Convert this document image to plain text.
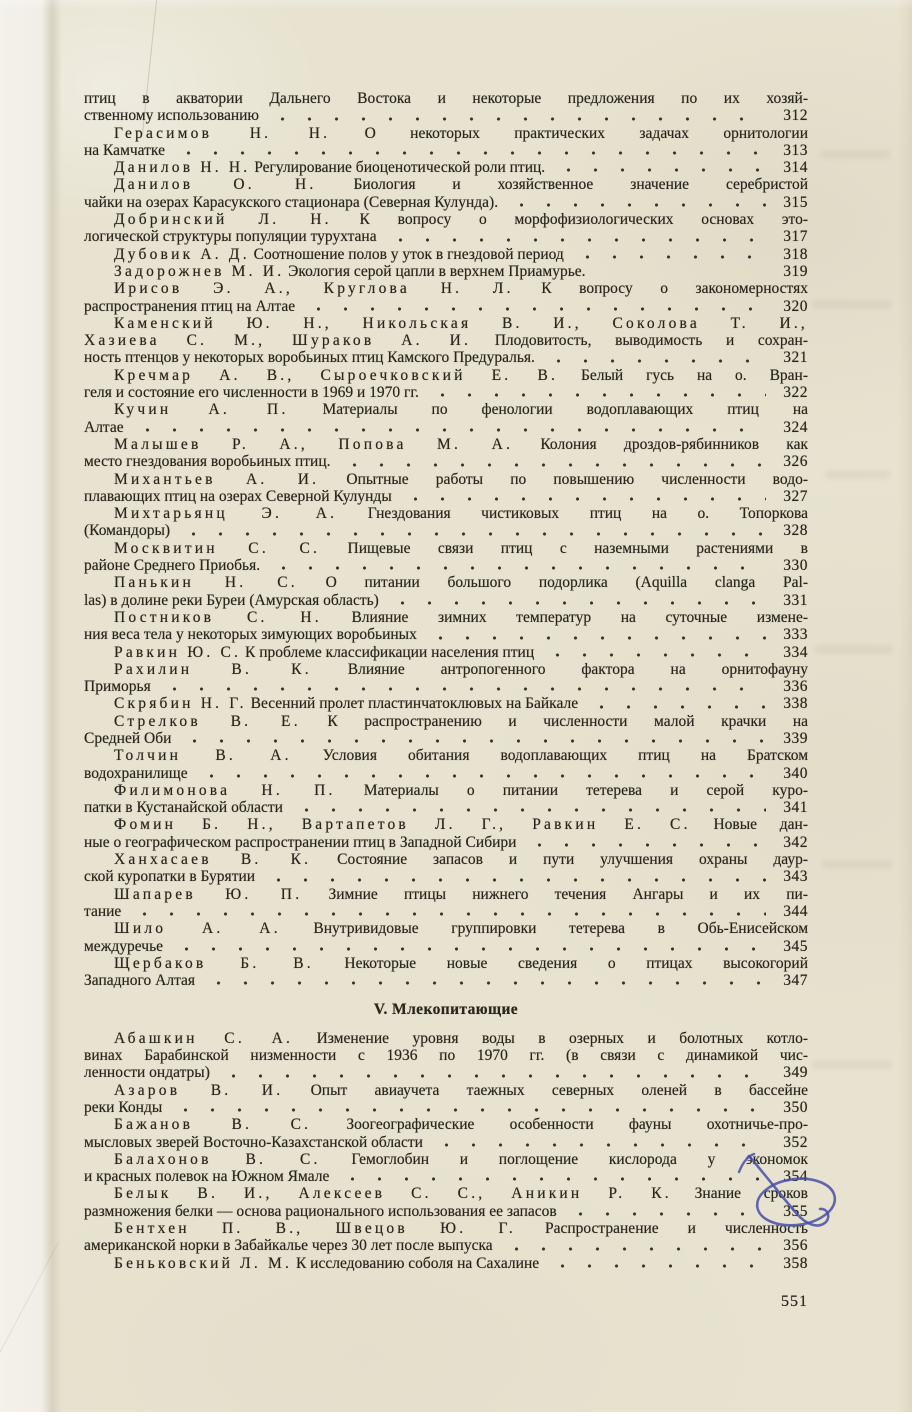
птиц в акватории Дальнего Востока и некоторые предложения по их хозяй-
ственному использованию	312
Герасимов Н. Н. О некоторых практических задачах орнитологии
на Камчатке	313
Данилов Н. Н. Регулирование биоценотической роли птиц.	314
Данилов О. Н. Биология и хозяйственное значение серебристой
чайки на озерах Карасукского стационара (Северная Кулунда).	315
Добринский Л. Н. К вопросу о морфофизиологических основах это-
логической структуры популяции турухтана	317
Дубовик А. Д. Соотношение полов у уток в гнездовой период	318
Задорожнев М. И. Экология серой цапли в верхнем Приамурье.	319
Ирисов Э. А., Круглова Н. Л. К вопросу о закономерностях
распространения птиц на Алтае	320
Каменский Ю. Н., Никольская В. И., Соколова Т. И.,
Хазиева С. М., Шураков А. И. Плодовитость, выводимость и сохран-
ность птенцов у некоторых воробьиных птиц Камского Предуралья.	321
Кречмар А. В., Сыроечковский Е. В. Белый гусь на о. Вран-
геля и состояние его численности в 1969 и 1970 гг.	322
Кучин А. П. Материалы по фенологии водоплавающих птиц на
Алтае	324
Малышев Р. А., Попова М. А. Колония дроздов-рябинников как
место гнездования воробьиных птиц.	326
Михантьев А. И. Опытные работы по повышению численности водо-
плавающих птиц на озерах Северной Кулунды	327
Михтарьянц Э. А. Гнездования чистиковых птиц на о. Топоркова
(Командоры)	328
Москвитин С. С. Пищевые связи птиц с наземными растениями в
районе Среднего Приобья.	330
Панькин Н. С. О питании большого подорлика (Aquilla clanga Pal-
las) в долине реки Буреи (Амурская область)	331
Постников С. Н. Влияние зимних температур на суточные измене-
ния веса тела у некоторых зимующих воробьиных	333
Равкин Ю. С. К проблеме классификации населения птиц	334
Рахилин В. К. Влияние антропогенного фактора на орнитофауну
Приморья	336
Скрябин Н. Г. Весенний пролет пластинчатоклювых на Байкале	338
Стрелков В. Е. К распространению и численности малой крачки на
Средней Оби	339
Толчин В. А. Условия обитания водоплавающих птиц на Братском
водохранилище	340
Филимонова Н. П. Материалы о питании тетерева и серой куро-
патки в Кустанайской области	341
Фомин Б. Н., Вартапетов Л. Г., Равкин Е. С. Новые дан-
ные о географическом распространении птиц в Западной Сибири	342
Ханхасаев В. К. Состояние запасов и пути улучшения охраны даур-
ской куропатки в Бурятии	343
Шапарев Ю. П. Зимние птицы нижнего течения Ангары и их пи-
тание	344
Шило А. А. Внутривидовые группировки тетерева в Обь-Енисейском
междуречье	345
Щербаков Б. В. Некоторые новые сведения о птицах высокогорий
Западного Алтая	347
V. Млекопитающие
Абашкин С. А. Изменение уровня воды в озерных и болотных котло-
винах Барабинской низменности с 1936 по 1970 гг. (в связи с динамикой чис-
ленности ондатры)	349
Азаров В. И. Опыт авиаучета таежных северных оленей в бассейне
реки Конды	350
Бажанов В. С. Зоогеографические особенности фауны охотничье-про-
мысловых зверей Восточно-Казахстанской области	352
Балахонов В. С. Гемоглобин и поглощение кислорода у экономок
и красных полевок на Южном Ямале	354
Белык В. И., Алексеев С. С., Аникин Р. К. Знание сроков
размножения белки — основа рационального использования ее запасов	355
Бентхен П. В., Швецов Ю. Г. Распространение и численность
американской норки в Забайкалье через 30 лет после выпуска	356
Беньковский Л. М. К исследованию соболя на Сахалине	358
551
